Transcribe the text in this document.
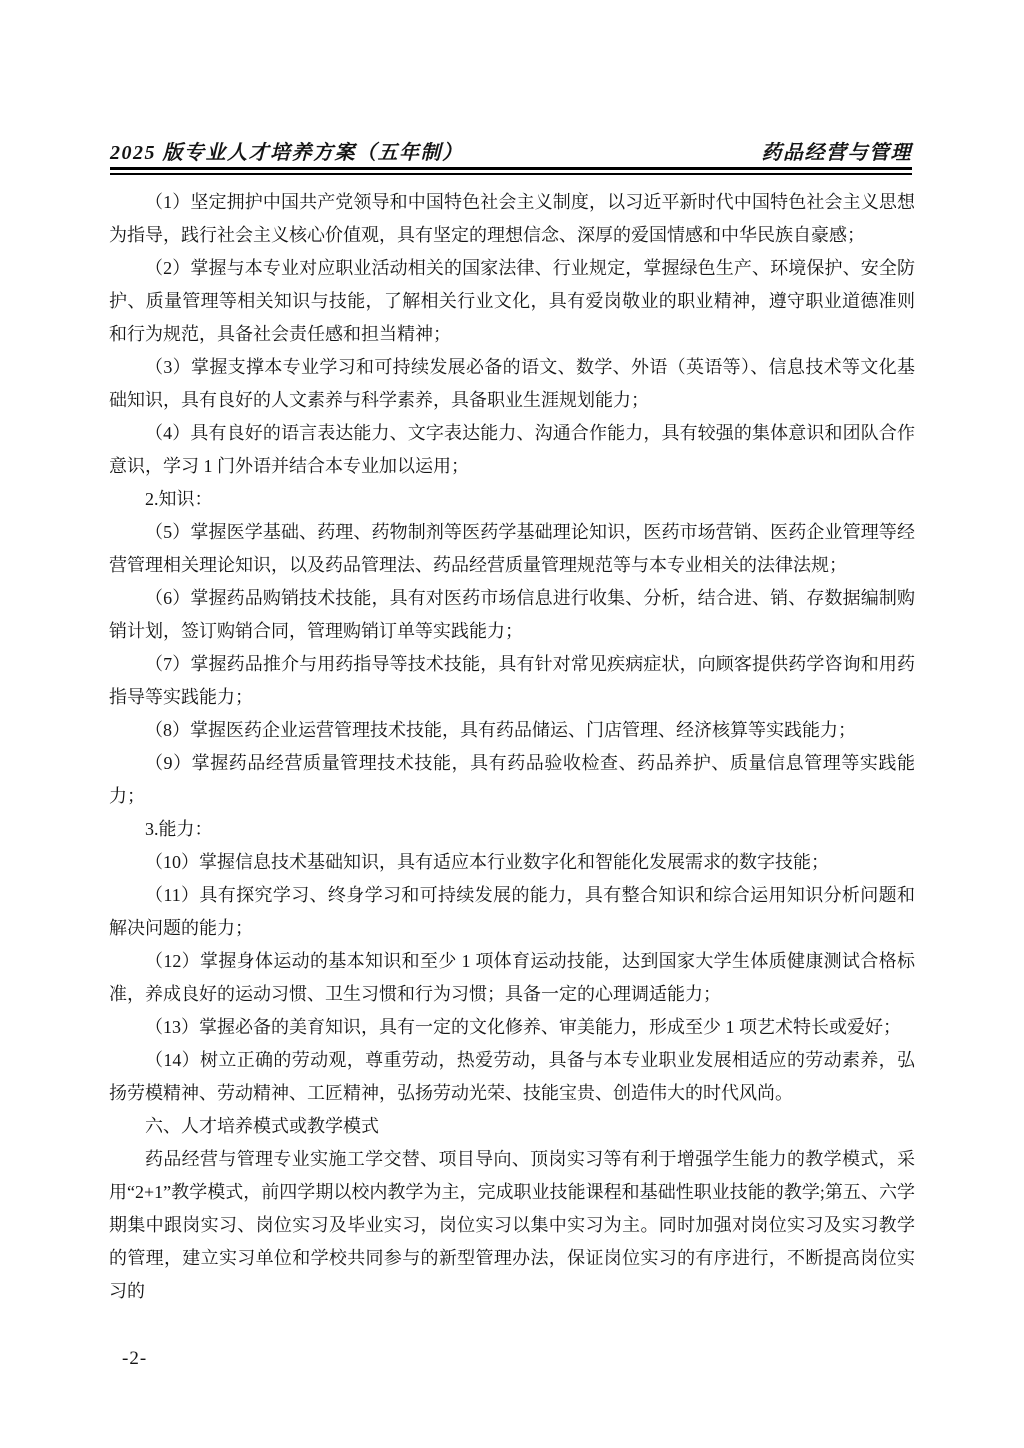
2025 版专业人才培养方案（五年制）	药品经营与管理

（1）坚定拥护中国共产党领导和中国特色社会主义制度，以习近平新时代中国特色社会主义思想为指导，践行社会主义核心价值观，具有坚定的理想信念、深厚的爱国情感和中华民族自豪感；

（2）掌握与本专业对应职业活动相关的国家法律、行业规定，掌握绿色生产、环境保护、安全防护、质量管理等相关知识与技能，了解相关行业文化，具有爱岗敬业的职业精神，遵守职业道德准则和行为规范，具备社会责任感和担当精神；

（3）掌握支撑本专业学习和可持续发展必备的语文、数学、外语（英语等）、信息技术等文化基础知识，具有良好的人文素养与科学素养，具备职业生涯规划能力；

（4）具有良好的语言表达能力、文字表达能力、沟通合作能力，具有较强的集体意识和团队合作意识，学习 1 门外语并结合本专业加以运用；

2.知识：

（5）掌握医学基础、药理、药物制剂等医药学基础理论知识，医药市场营销、医药企业管理等经营管理相关理论知识，以及药品管理法、药品经营质量管理规范等与本专业相关的法律法规；

（6）掌握药品购销技术技能，具有对医药市场信息进行收集、分析，结合进、销、存数据编制购销计划，签订购销合同，管理购销订单等实践能力；

（7）掌握药品推介与用药指导等技术技能，具有针对常见疾病症状，向顾客提供药学咨询和用药指导等实践能力；

（8）掌握医药企业运营管理技术技能，具有药品储运、门店管理、经济核算等实践能力；

（9）掌握药品经营质量管理技术技能，具有药品验收检查、药品养护、质量信息管理等实践能力；

3.能力：

（10）掌握信息技术基础知识，具有适应本行业数字化和智能化发展需求的数字技能；

（11）具有探究学习、终身学习和可持续发展的能力，具有整合知识和综合运用知识分析问题和解决问题的能力；

（12）掌握身体运动的基本知识和至少 1 项体育运动技能，达到国家大学生体质健康测试合格标准，养成良好的运动习惯、卫生习惯和行为习惯；具备一定的心理调适能力；

（13）掌握必备的美育知识，具有一定的文化修养、审美能力，形成至少 1 项艺术特长或爱好；

（14）树立正确的劳动观，尊重劳动，热爱劳动，具备与本专业职业发展相适应的劳动素养，弘扬劳模精神、劳动精神、工匠精神，弘扬劳动光荣、技能宝贵、创造伟大的时代风尚。

六、人才培养模式或教学模式

药品经营与管理专业实施工学交替、项目导向、顶岗实习等有利于增强学生能力的教学模式，采用“2+1”教学模式，前四学期以校内教学为主，完成职业技能课程和基础性职业技能的教学;第五、六学期集中跟岗实习、岗位实习及毕业实习，岗位实习以集中实习为主。同时加强对岗位实习及实习教学的管理，建立实习单位和学校共同参与的新型管理办法，保证岗位实习的有序进行，不断提高岗位实习的

-2-
